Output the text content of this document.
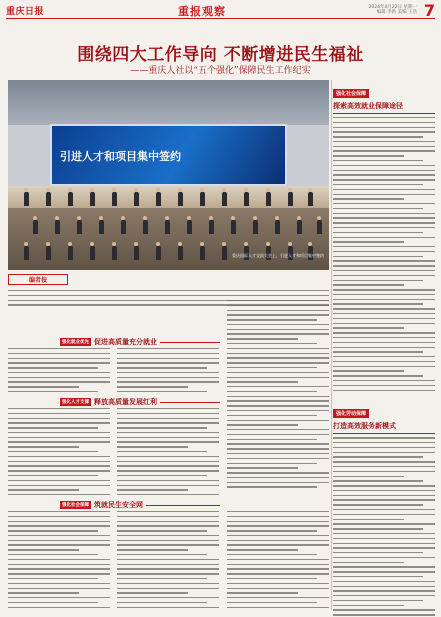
重庆日报	重报观察	2024年4月22日 星期一
编辑 李新 美编 王浩 7
围绕四大工作导向 不断增进民生福祉
——重庆人社以“五个强化”保障民生工作纪实
引进人才和项目集中签约
重庆国际人才交流大会上，引进人才和项目集中签约
编者按
强化就业优先 促进高质量充分就业
强化人才支撑 释放高质量发展红利
强化社会保障 筑就民生安全网
强化社会保障
探索高效就业保障途径
强化劳动保障
打造高效服务新模式
